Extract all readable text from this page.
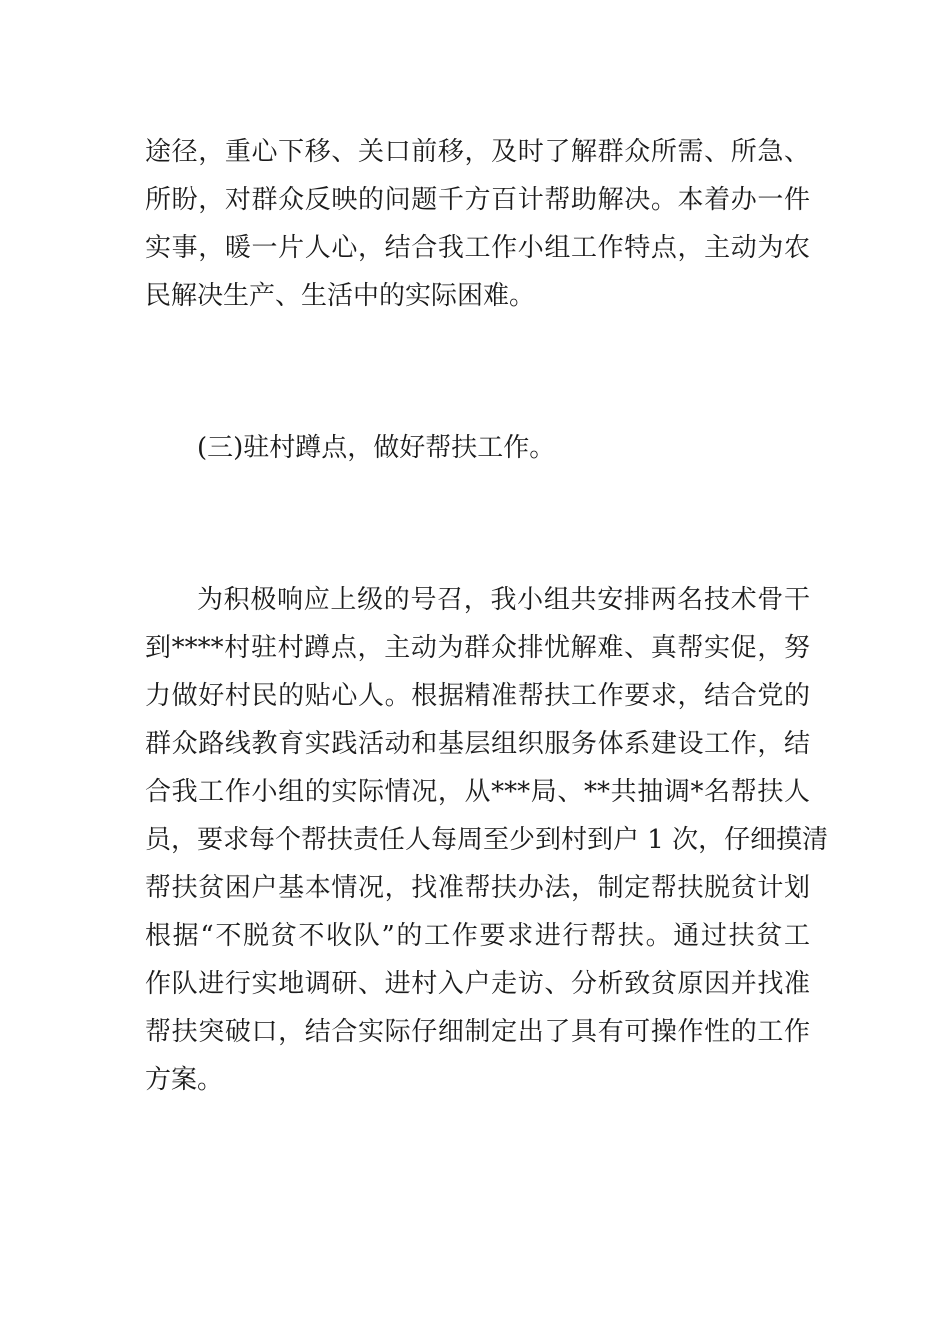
途径，重心下移、关口前移，及时了解群众所需、所急、
所盼，对群众反映的问题千方百计帮助解决。本着办一件
实事，暖一片人心，结合我工作小组工作特点，主动为农
民解决生产、生活中的实际困难。
(三)驻村蹲点，做好帮扶工作。
为积极响应上级的号召，我小组共安排两名技术骨干
到****村驻村蹲点，主动为群众排忧解难、真帮实促，努
力做好村民的贴心人。根据精准帮扶工作要求，结合党的
群众路线教育实践活动和基层组织服务体系建设工作，结
合我工作小组的实际情况，从***局、**共抽调*名帮扶人
员，要求每个帮扶责任人每周至少到村到户 1 次，仔细摸清
帮扶贫困户基本情况，找准帮扶办法，制定帮扶脱贫计划
根据“不脱贫不收队”的工作要求进行帮扶。通过扶贫工
作队进行实地调研、进村入户走访、分析致贫原因并找准
帮扶突破口，结合实际仔细制定出了具有可操作性的工作
方案。
